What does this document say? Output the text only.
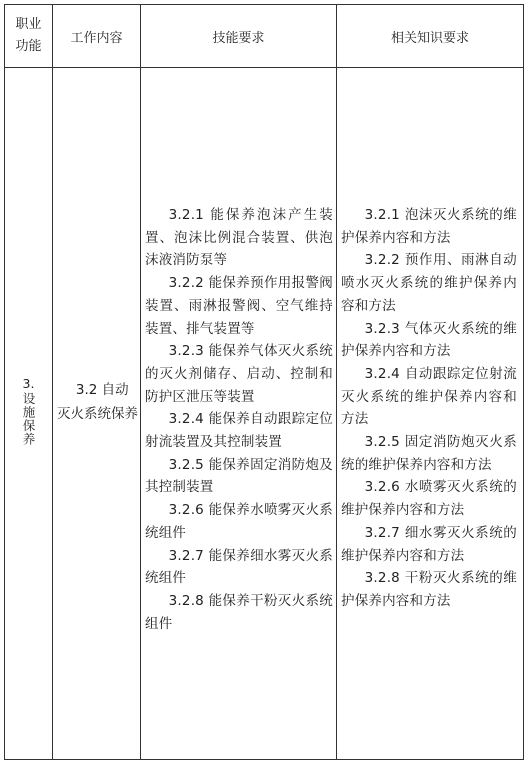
职业
功能
工作内容	技能要求	相关知识要求
3.
设施保养

3.2 自动灭火系统保养

3.2.1 能保养泡沫产生装置、泡沫比例混合装置、供泡沫液消防泵等

3.2.2 能保养预作用报警阀装置、雨淋报警阀、空气维持装置、排气装置等

3.2.3 能保养气体灭火系统的灭火剂储存、启动、控制和防护区泄压等装置

3.2.4 能保养自动跟踪定位射流装置及其控制装置

3.2.5 能保养固定消防炮及其控制装置

3.2.6 能保养水喷雾灭火系统组件

3.2.7 能保养细水雾灭火系统组件

3.2.8 能保养干粉灭火系统组件

3.2.1 泡沫灭火系统的维护保养内容和方法

3.2.2 预作用、雨淋自动喷水灭火系统的维护保养内容和方法

3.2.3 气体灭火系统的维护保养内容和方法

3.2.4 自动跟踪定位射流灭火系统的维护保养内容和方法

3.2.5 固定消防炮灭火系统的维护保养内容和方法

3.2.6 水喷雾灭火系统的维护保养内容和方法

3.2.7 细水雾灭火系统的维护保养内容和方法

3.2.8 干粉灭火系统的维护保养内容和方法
